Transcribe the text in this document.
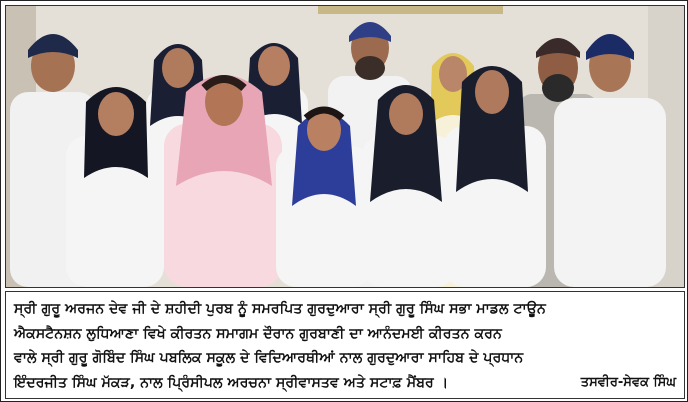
ਸ੍ਰੀ ਗੁਰੂ ਅਰਜਨ ਦੇਵ ਜੀ ਦੇ ਸ਼ਹੀਦੀ ਪੁਰਬ ਨੂੰ ਸਮਰਪਿਤ ਗੁਰਦੁਆਰਾ ਸ੍ਰੀ ਗੁਰੂ ਸਿੰਘ ਸਭਾ ਮਾਡਲ ਟਾਊਨ
ਐਕਸਟੈਨਸ਼ਨ ਲੁਧਿਆਣਾ ਵਿਖੇ ਕੀਰਤਨ ਸਮਾਗਮ ਦੌਰਾਨ ਗੁਰਬਾਣੀ ਦਾ ਆਨੰਦਮਈ ਕੀਰਤਨ ਕਰਨ
ਵਾਲੇ ਸ੍ਰੀ ਗੁਰੂ ਗੋਬਿੰਦ ਸਿੰਘ ਪਬਲਿਕ ਸਕੂਲ ਦੇ ਵਿਦਿਆਰਥੀਆਂ ਨਾਲ ਗੁਰਦੁਆਰਾ ਸਾਹਿਬ ਦੇ ਪ੍ਰਧਾਨ
ਇੰਦਰਜੀਤ ਸਿੰਘ ਮੱਕੜ, ਨਾਲ ਪ੍ਰਿੰਸੀਪਲ ਅਰਚਨਾ ਸ੍ਰੀਵਾਸਤਵ ਅਤੇ ਸਟਾਫ਼ ਮੈਂਬਰ ।	ਤਸਵੀਰ-ਸੇਵਕ ਸਿੰਘ
